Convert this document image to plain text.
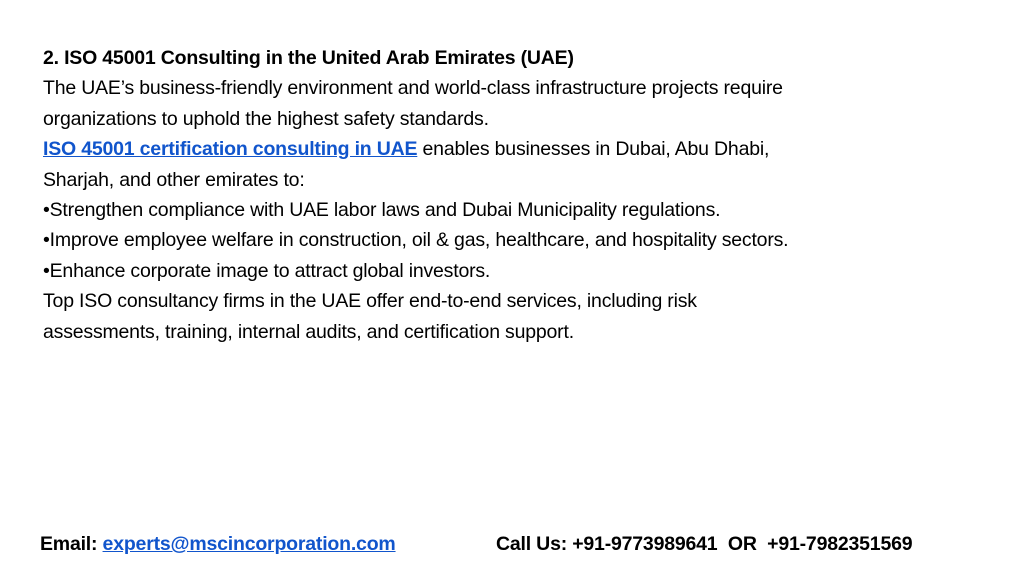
2. ISO 45001 Consulting in the United Arab Emirates (UAE)
The UAE’s business-friendly environment and world-class infrastructure projects require
organizations to uphold the highest safety standards.
ISO 45001 certification consulting in UAE enables businesses in Dubai, Abu Dhabi,
Sharjah, and other emirates to:
•Strengthen compliance with UAE labor laws and Dubai Municipality regulations.
•Improve employee welfare in construction, oil & gas, healthcare, and hospitality sectors.
•Enhance corporate image to attract global investors.
Top ISO consultancy firms in the UAE offer end-to-end services, including risk
assessments, training, internal audits, and certification support.
Email: experts@mscincorporation.com	Call Us: +91-9773989641  OR  +91-7982351569
